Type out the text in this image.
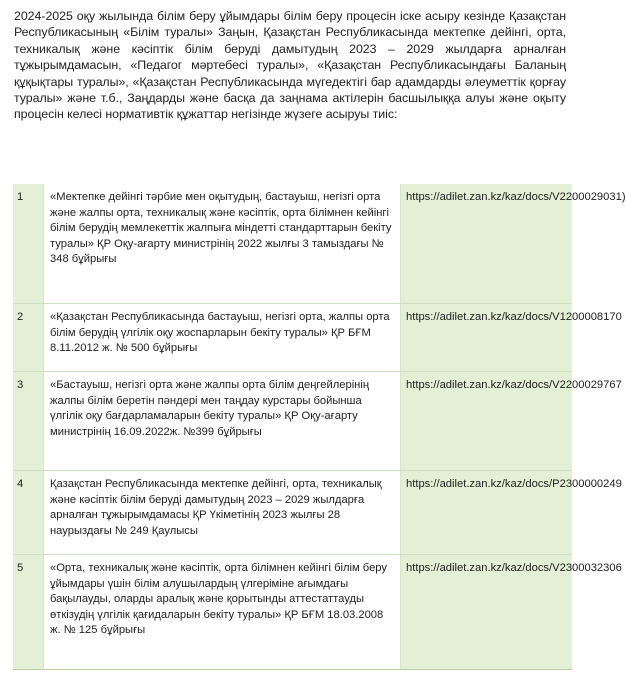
2024-2025 оқу жылында білім беру ұйымдары білім беру процесін іске асыру кезінде Қазақстан Республикасының «Білім туралы» Заңын, Қазақстан Республикасында мектепке дейінгі, орта, техникалық және кәсіптік білім беруді дамытудың 2023 – 2029 жылдарға арналған тұжырымдамасын, «Педагог мәртебесі туралы», «Қазақстан Республикасындағы Баланың құқықтары туралы», «Қазақстан Республикасында мүгедектігі бар адамдарды әлеуметтік қорғау туралы» және т.б., Заңдарды және басқа да заңнама актілерін басшылыққа алуы және оқыту процесін келесі нормативтік құжаттар негізінде жүзеге асыруы тиіс:

1	«Мектепке дейінгі тәрбие мен оқытудың, бастауыш, негізгі орта және жалпы орта, техникалық және кәсіптік, орта білімнен кейінгі білім берудің мемлекеттік жалпыға міндетті стандарттарын бекіту туралы» ҚР Оқу-ағарту министрінің 2022 жылғы 3 тамыздағы № 348 бұйрығы	https://adilet.zan.kz/kaz/docs/V2200029031)

2	«Қазақстан Республикасында бастауыш, негізгі орта, жалпы орта білім берудің үлгілік оқу жоспарларын бекіту туралы» ҚР БҒМ 8.11.2012 ж. № 500 бұйрығы	https://adilet.zan.kz/kaz/docs/V1200008170

3	«Бастауыш, негізгі орта және жалпы орта білім деңгейлерінің жалпы білім беретін пәндері мен таңдау курстары бойынша үлгілік оқу бағдарламаларын бекіту туралы» ҚР Оқу-ағарту министрінің 16.09.2022ж. №399 бұйрығы	https://adilet.zan.kz/kaz/docs/V2200029767

4	Қазақстан Республикасында мектепке дейінгі, орта, техникалық және кәсіптік білім беруді дамытудың 2023 – 2029 жылдарға арналған тұжырымдамасы ҚР Үкіметінің 2023 жылғы 28 наурыздағы № 249 Қаулысы	https://adilet.zan.kz/kaz/docs/P2300000249

5	«Орта, техникалық және кәсіптік, орта білімнен кейінгі білім беру ұйымдары үшін білім алушылардың үлгеріміне ағымдағы бақылауды, оларды аралық және қорытынды аттестаттауды өткізудің үлгілік қағидаларын бекіту туралы» ҚР БҒМ 18.03.2008 ж. № 125 бұйрығы	https://adilet.zan.kz/kaz/docs/V2300032306
